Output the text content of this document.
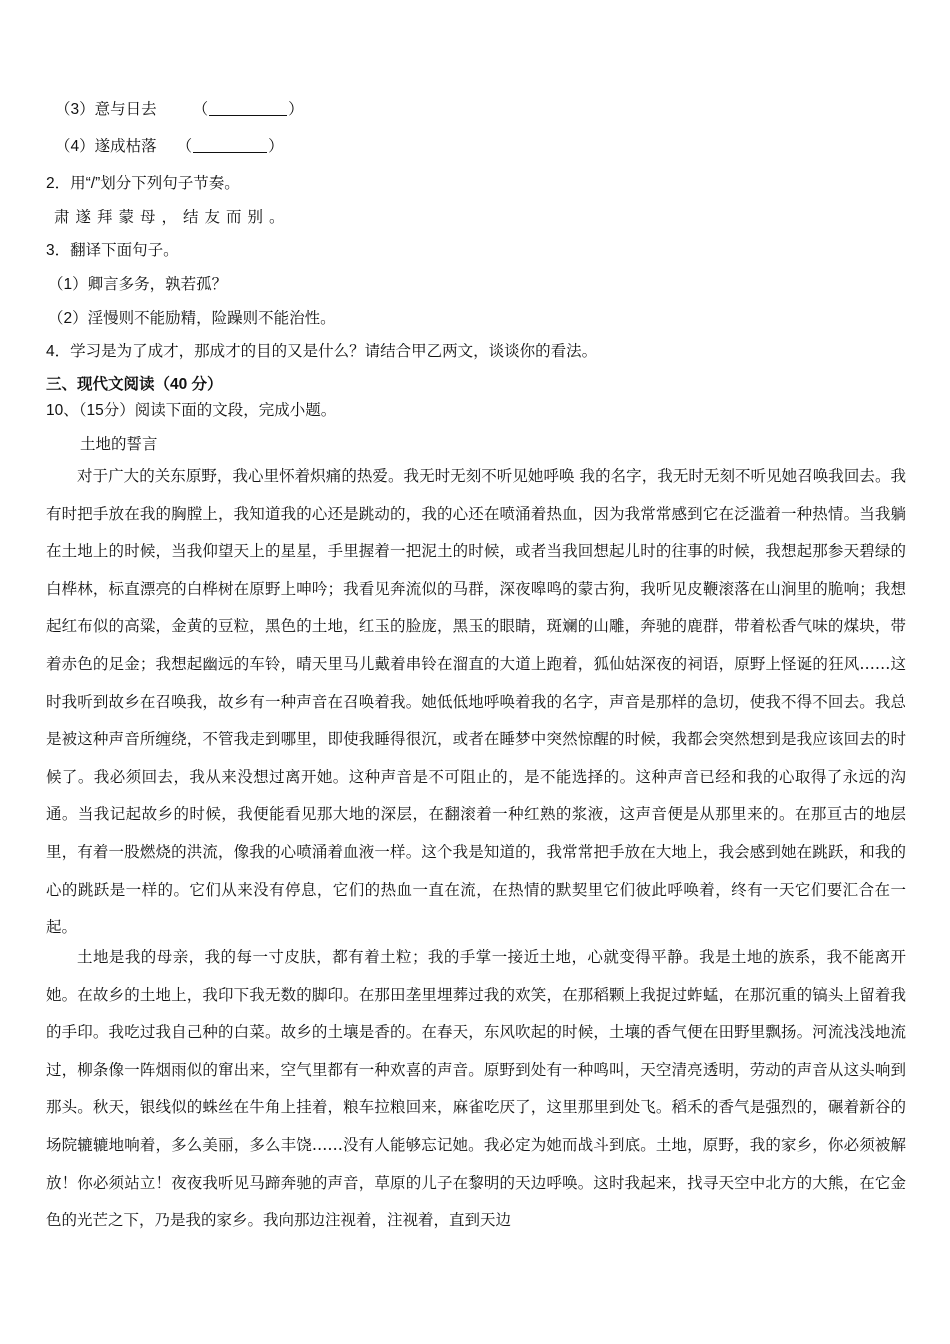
（3）意与日去 （	）
（4）遂成枯落 （	）
2．用“/”划分下列句子节奏。
肃遂拜蒙母，结友而别。
3．翻译下面句子。
（1）卿言多务，孰若孤？
（2）淫慢则不能励精，险躁则不能治性。
4．学习是为了成才，那成才的目的又是什么？请结合甲乙两文，谈谈你的看法。
三、现代文阅读（40 分）
10、（15分）阅读下面的文段，完成小题。
土地的誓言

对于广大的关东原野，我心里怀着炽痛的热爱。我无时无刻不听见她呼唤 我的名字，我无时无刻不听见她召唤我回去。我有时把手放在我的胸膛上，我知道我的心还是跳动的，我的心还在喷涌着热血，因为我常常感到它在泛滥着一种热情。当我躺在土地上的时候，当我仰望天上的星星，手里握着一把泥土的时候，或者当我回想起儿时的往事的时候，我想起那参天碧绿的白桦林，标直漂亮的白桦树在原野上呻吟；我看见奔流似的马群，深夜嗥鸣的蒙古狗，我听见皮鞭滚落在山涧里的脆响；我想起红布似的高粱，金黄的豆粒，黑色的土地，红玉的脸庞，黑玉的眼睛，斑斓的山雕，奔驰的鹿群，带着松香气味的煤块，带着赤色的足金；我想起幽远的车铃，晴天里马儿戴着串铃在溜直的大道上跑着，狐仙姑深夜的祠语，原野上怪诞的狂风……这时我听到故乡在召唤我，故乡有一种声音在召唤着我。她低低地呼唤着我的名字，声音是那样的急切，使我不得不回去。我总是被这种声音所缠绕，不管我走到哪里，即使我睡得很沉，或者在睡梦中突然惊醒的时候，我都会突然想到是我应该回去的时候了。我必须回去，我从来没想过离开她。这种声音是不可阻止的，是不能选择的。这种声音已经和我的心取得了永远的沟通。当我记起故乡的时候，我便能看见那大地的深层，在翻滚着一种红熟的浆液，这声音便是从那里来的。在那亘古的地层里，有着一股燃烧的洪流，像我的心喷涌着血液一样。这个我是知道的，我常常把手放在大地上，我会感到她在跳跃，和我的心的跳跃是一样的。它们从来没有停息，它们的热血一直在流，在热情的默契里它们彼此呼唤着，终有一天它们要汇合在一起。

土地是我的母亲，我的每一寸皮肤，都有着土粒；我的手掌一接近土地，心就变得平静。我是土地的族系，我不能离开她。在故乡的土地上，我印下我无数的脚印。在那田垄里埋葬过我的欢笑，在那稻颗上我捉过蚱蜢，在那沉重的镐头上留着我的手印。我吃过我自己种的白菜。故乡的土壤是香的。在春天，东风吹起的时候，土壤的香气便在田野里飘扬。河流浅浅地流过，柳条像一阵烟雨似的窜出来，空气里都有一种欢喜的声音。原野到处有一种鸣叫，天空清亮透明，劳动的声音从这头响到那头。秋天，银线似的蛛丝在牛角上挂着，粮车拉粮回来，麻雀吃厌了，这里那里到处飞。稻禾的香气是强烈的，碾着新谷的场院辘辘地响着，多么美丽，多么丰饶……没有人能够忘记她。我必定为她而战斗到底。土地，原野，我的家乡，你必须被解放！你必须站立！夜夜我听见马蹄奔驰的声音，草原的儿子在黎明的天边呼唤。这时我起来，找寻天空中北方的大熊，在它金色的光芒之下，乃是我的家乡。我向那边注视着，注视着，直到天边
